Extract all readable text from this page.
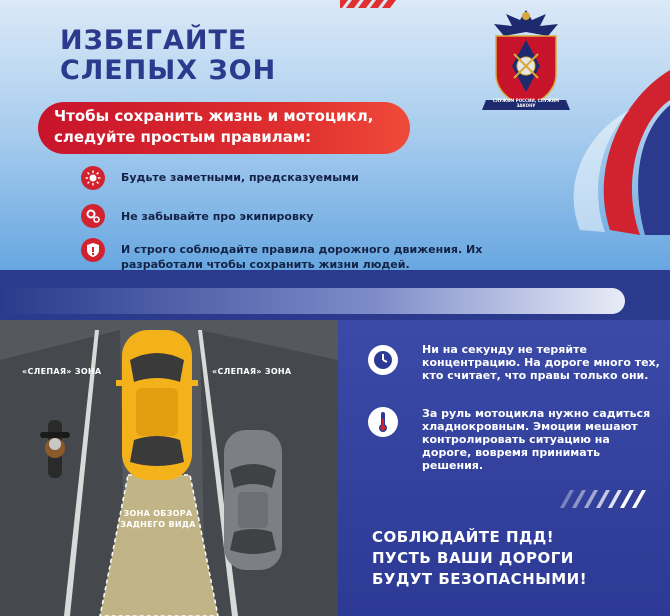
ИЗБЕГАЙТЕ
СЛЕПЫХ ЗОН
Чтобы сохранить жизнь и мотоцикл, следуйте простым правилам:
СЛУЖИМ РОССИИ, СЛУЖИМ ЗАКОНУ
Будьте заметными, предсказуемыми
Не забывайте про экипировку
И строго соблюдайте правила дорожного движения. Их разработали чтобы сохранить жизни людей.
«СЛЕПАЯ» ЗОНА	«СЛЕПАЯ» ЗОНА
ЗОНА ОБЗОРА
ЗАДНЕГО ВИДА
Ни на секунду не теряйте концентрацию. На дороге много тех, кто считает, что правы только они.
За руль мотоцикла нужно садиться хладнокровным. Эмоции мешают контролировать ситуацию на дороге, вовремя принимать решения.
СОБЛЮДАЙТЕ ПДД!
ПУСТЬ ВАШИ ДОРОГИ
БУДУТ БЕЗОПАСНЫМИ!
